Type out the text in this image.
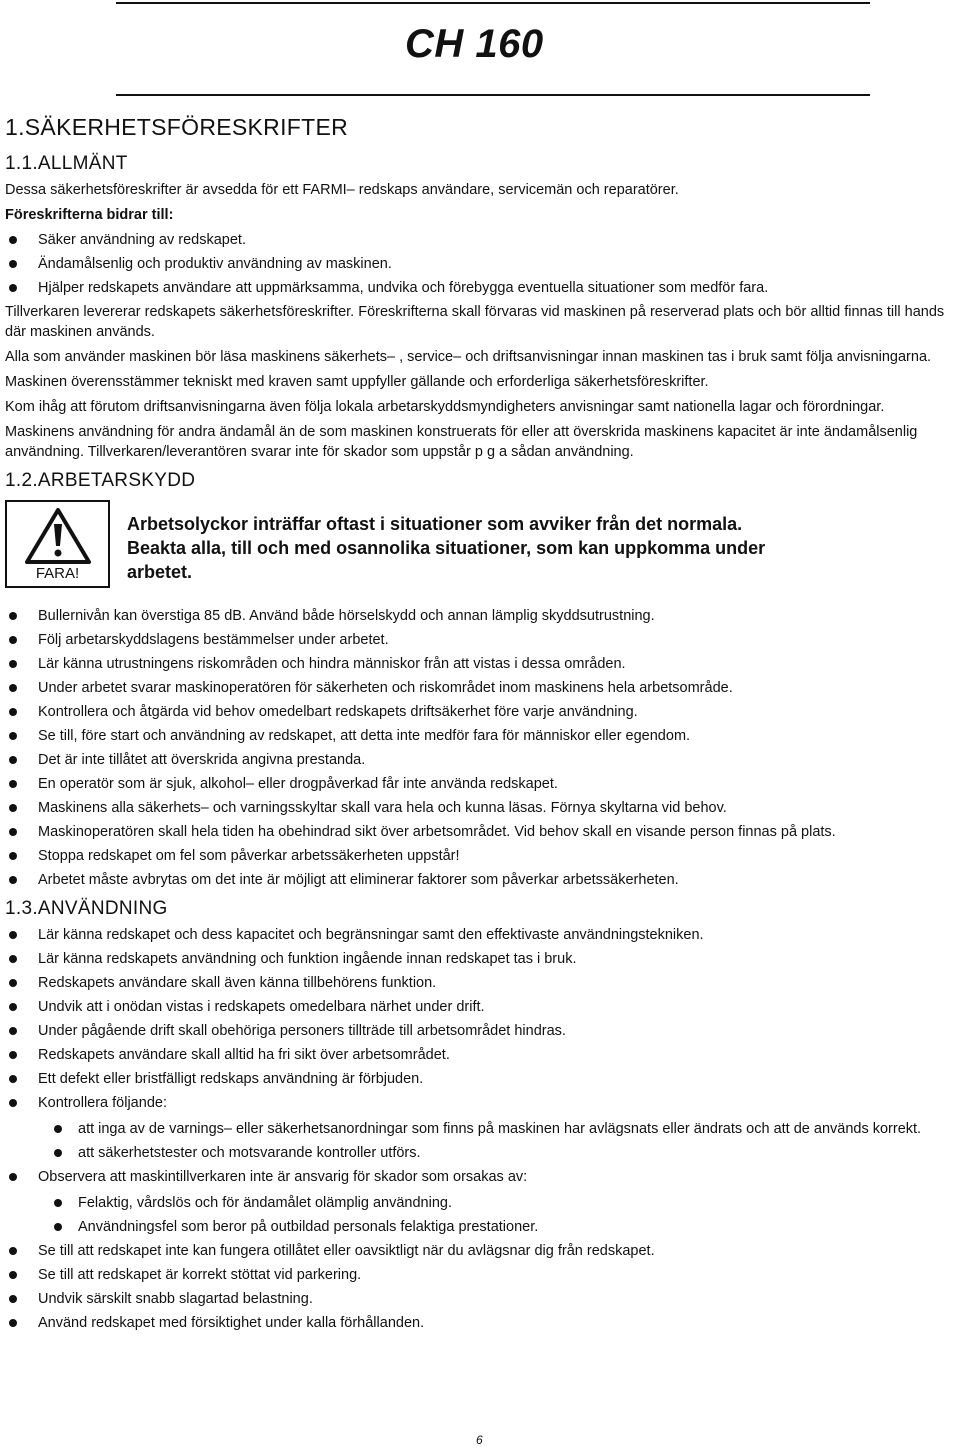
CH 160
1.SÄKERHETSFÖRESKRIFTER
1.1.ALLMÄNT

Dessa säkerhetsföreskrifter är avsedda för ett FARMI– redskaps användare, servicemän och reparatörer.

Föreskrifterna bidrar till:

Säker användning av redskapet.
Ändamålsenlig och produktiv användning av maskinen.
Hjälper redskapets användare att uppmärksamma, undvika och förebygga eventuella situationer som medför fara.

Tillverkaren levererar redskapets säkerhetsföreskrifter. Föreskrifterna skall förvaras vid maskinen på reserverad plats och bör alltid finnas till hands där maskinen används.

Alla som använder maskinen bör läsa maskinens säkerhets– , service– och driftsanvisningar innan maskinen tas i bruk samt följa anvisningarna.

Maskinen överensstämmer tekniskt med kraven samt uppfyller gällande och erforderliga säkerhetsföreskrifter.

Kom ihåg att förutom driftsanvisningarna även följa lokala arbetarskyddsmyndigheters anvisningar samt nationella lagar och förordningar.

Maskinens användning för andra ändamål än de som maskinen konstruerats för eller att överskrida maskinens kapacitet är inte ändamålsenlig användning. Tillverkaren/leverantören svarar inte för skador som uppstår p g a sådan användning.

1.2.ARBETARSKYDD
FARA!
Arbetsolyckor inträffar oftast i situationer som avviker från det normala. Beakta alla, till och med osannolika situationer, som kan uppkomma under arbetet.
Bullernivån kan överstiga 85 dB. Använd både hörselskydd och annan lämplig skyddsutrustning.
Följ arbetarskyddslagens bestämmelser under arbetet.
Lär känna utrustningens riskområden och hindra människor från att vistas i dessa områden.
Under arbetet svarar maskinoperatören för säkerheten och riskområdet inom maskinens hela arbetsområde.
Kontrollera och åtgärda vid behov omedelbart redskapets driftsäkerhet före varje användning.
Se till, före start och användning av redskapet, att detta inte medför fara för människor eller egendom.
Det är inte tillåtet att överskrida angivna prestanda.
En operatör som är sjuk, alkohol– eller drogpåverkad får inte använda redskapet.
Maskinens alla säkerhets– och varningsskyltar skall vara hela och kunna läsas. Förnya skyltarna vid behov.
Maskinoperatören skall hela tiden ha obehindrad sikt över arbetsområdet. Vid behov skall en visande person finnas på plats.
Stoppa redskapet om fel som påverkar arbetssäkerheten uppstår!
Arbetet måste avbrytas om det inte är möjligt att eliminerar faktorer som påverkar arbetssäkerheten.
1.3.ANVÄNDNING
Lär känna redskapet och dess kapacitet och begränsningar samt den effektivaste användningstekniken.
Lär känna redskapets användning och funktion ingående innan redskapet tas i bruk.
Redskapets användare skall även känna tillbehörens funktion.
Undvik att i onödan vistas i redskapets omedelbara närhet under drift.
Under pågående drift skall obehöriga personers tillträde till arbetsområdet hindras.
Redskapets användare skall alltid ha fri sikt över arbetsområdet.
Ett defekt eller bristfälligt redskaps användning är förbjuden.
Kontrollera följande:
att inga av de varnings– eller säkerhetsanordningar som finns på maskinen har avlägsnats eller ändrats och att de används korrekt.
att säkerhetstester och motsvarande kontroller utförs.
Observera att maskintillverkaren inte är ansvarig för skador som orsakas av:
Felaktig, vårdslös och för ändamålet olämplig användning.
Användningsfel som beror på outbildad personals felaktiga prestationer.
Se till att redskapet inte kan fungera otillåtet eller oavsiktligt när du avlägsnar dig från redskapet.
Se till att redskapet är korrekt stöttat vid parkering.
Undvik särskilt snabb slagartad belastning.
Använd redskapet med försiktighet under kalla förhållanden.
6
